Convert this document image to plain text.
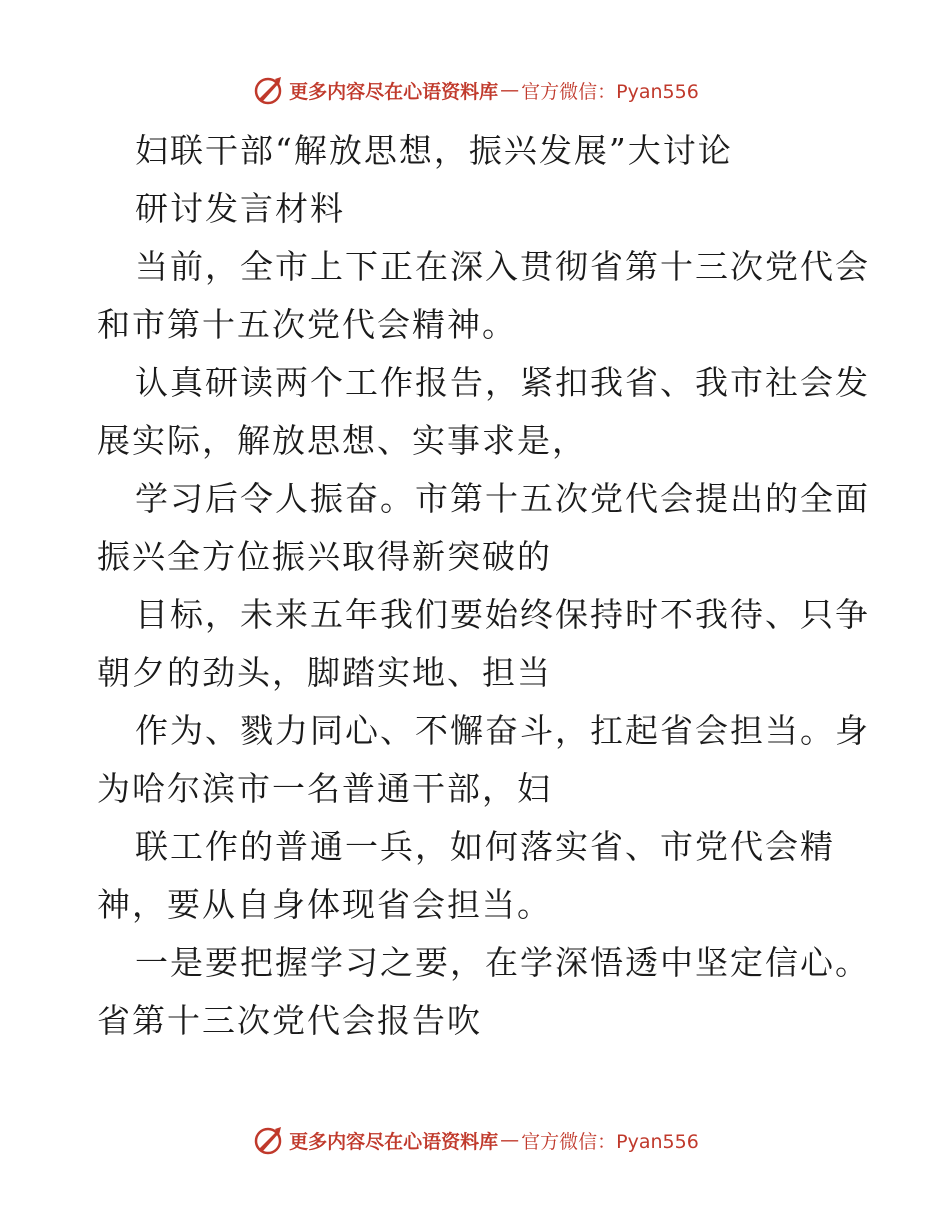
更多内容尽在心语资料库 — 官方微信：Pyan556
妇联干部“解放思想，振兴发展”大讨论
研讨发言材料
当前，全市上下正在深入贯彻省第十三次党代会
和市第十五次党代会精神。
认真研读两个工作报告，紧扣我省、我市社会发
展实际，解放思想、实事求是，
学习后令人振奋。市第十五次党代会提出的全面
振兴全方位振兴取得新突破的
目标，未来五年我们要始终保持时不我待、只争
朝夕的劲头，脚踏实地、担当
作为、戮力同心、不懈奋斗，扛起省会担当。身
为哈尔滨市一名普通干部，妇
联工作的普通一兵，如何落实省、市党代会精
神，要从自身体现省会担当。
一是要把握学习之要，在学深悟透中坚定信心。
省第十三次党代会报告吹
更多内容尽在心语资料库 — 官方微信：Pyan556
